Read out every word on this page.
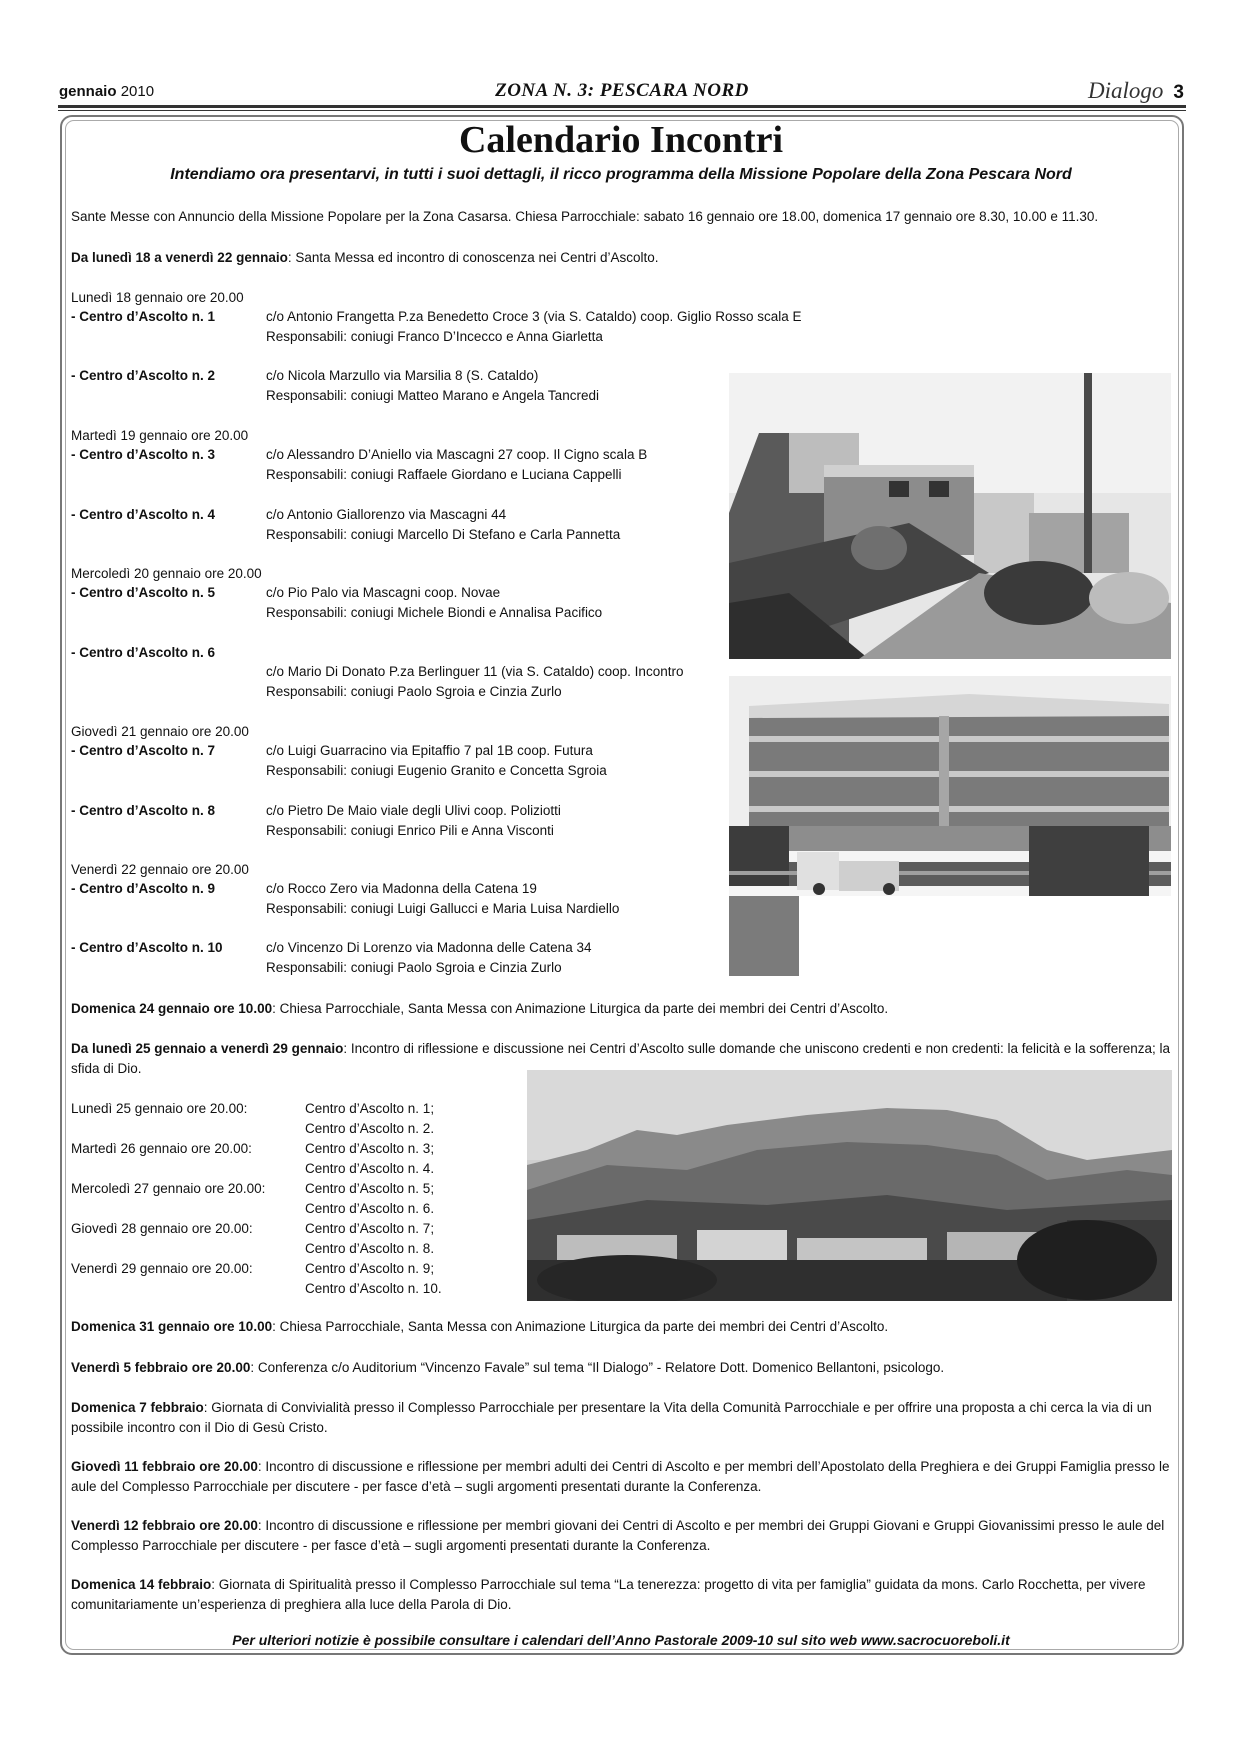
gennaio 2010	ZONA N. 3: PESCARA NORD	Dialogo 3
Calendario Incontri
Intendiamo ora presentarvi, in tutti i suoi dettagli, il ricco programma della Missione Popolare della Zona Pescara Nord
Sante Messe con Annuncio della Missione Popolare per la Zona Casarsa. Chiesa Parrocchiale: sabato 16 gennaio ore 18.00, domenica 17 gennaio ore 8.30, 10.00 e 11.30.
Da lunedì 18 a venerdì 22 gennaio: Santa Messa ed incontro di conoscenza nei Centri d’Ascolto.
Lunedì 18 gennaio ore 20.00
- Centro d’Ascolto n. 1	c/o Antonio Frangetta P.za Benedetto Croce 3 (via S. Cataldo) coop. Giglio Rosso scala E
Responsabili: coniugi Franco D’Incecco e Anna Giarletta
- Centro d’Ascolto n. 2	c/o Nicola Marzullo via Marsilia 8 (S. Cataldo)
Responsabili: coniugi Matteo Marano e Angela Tancredi
Martedì 19 gennaio ore 20.00
- Centro d’Ascolto n. 3	c/o Alessandro D’Aniello via Mascagni 27 coop. Il Cigno scala B
Responsabili: coniugi Raffaele Giordano e Luciana Cappelli
- Centro d’Ascolto n. 4	c/o Antonio Giallorenzo via Mascagni 44
Responsabili: coniugi Marcello Di Stefano e Carla Pannetta
Mercoledì 20 gennaio ore 20.00
- Centro d’Ascolto n. 5	c/o Pio Palo via Mascagni coop. Novae
Responsabili: coniugi Michele Biondi e Annalisa Pacifico
- Centro d’Ascolto n. 6
c/o Mario Di Donato P.za Berlinguer 11 (via S. Cataldo) coop. Incontro
Responsabili: coniugi Paolo Sgroia e Cinzia Zurlo
Giovedì 21 gennaio ore 20.00
- Centro d’Ascolto n. 7	c/o Luigi Guarracino via Epitaffio 7 pal 1B coop. Futura
Responsabili: coniugi Eugenio Granito e Concetta Sgroia
- Centro d’Ascolto n. 8	c/o Pietro De Maio viale degli Ulivi coop. Poliziotti
Responsabili: coniugi Enrico Pili e Anna Visconti
Venerdì 22 gennaio ore 20.00
- Centro d’Ascolto n. 9	c/o Rocco Zero via Madonna della Catena 19
Responsabili: coniugi Luigi Gallucci e Maria Luisa Nardiello
- Centro d’Ascolto n. 10	c/o Vincenzo Di Lorenzo via Madonna delle Catena 34
Responsabili: coniugi Paolo Sgroia e Cinzia Zurlo
Domenica 24 gennaio ore 10.00: Chiesa Parrocchiale, Santa Messa con Animazione Liturgica da parte dei membri dei Centri d’Ascolto.
Da lunedì 25 gennaio a venerdì 29 gennaio: Incontro di riflessione e discussione nei Centri d’Ascolto sulle domande che uniscono credenti e non credenti: la felicità e la sofferenza; la sfida di Dio.
Lunedì 25 gennaio ore 20.00:	Centro d’Ascolto n. 1;
Centro d’Ascolto n. 2.
Martedì 26 gennaio ore 20.00:	Centro d’Ascolto n. 3;
Centro d’Ascolto n. 4.
Mercoledì 27 gennaio ore 20.00:	Centro d’Ascolto n. 5;
Centro d’Ascolto n. 6.
Giovedì 28 gennaio ore 20.00:	Centro d’Ascolto n. 7;
Centro d’Ascolto n. 8.
Venerdì 29 gennaio ore 20.00:	Centro d’Ascolto n. 9;
Centro d’Ascolto n. 10.
Domenica 31 gennaio ore 10.00: Chiesa Parrocchiale, Santa Messa con Animazione Liturgica da parte dei membri dei Centri d’Ascolto.
Venerdì 5 febbraio ore 20.00: Conferenza c/o Auditorium “Vincenzo Favale” sul tema “Il Dialogo” - Relatore Dott. Domenico Bellantoni, psicologo.
Domenica 7 febbraio: Giornata di Convivialità presso il Complesso Parrocchiale per presentare la Vita della Comunità Parrocchiale e per offrire una proposta a chi cerca la via di un possibile incontro con il Dio di Gesù Cristo.
Giovedì 11 febbraio ore 20.00: Incontro di discussione e riflessione per membri adulti dei Centri di Ascolto e per membri dell’Apostolato della Preghiera e dei Gruppi Famiglia presso le aule del Complesso Parrocchiale per discutere - per fasce d’età – sugli argomenti presentati durante la Conferenza.
Venerdì 12 febbraio ore 20.00: Incontro di discussione e riflessione per membri giovani dei Centri di Ascolto e per membri dei Gruppi Giovani e Gruppi Giovanissimi presso le aule del Complesso Parrocchiale per discutere - per fasce d’età – sugli argomenti presentati durante la Conferenza.
Domenica 14 febbraio: Giornata di Spiritualità presso il Complesso Parrocchiale sul tema “La tenerezza: progetto di vita per famiglia” guidata da mons. Carlo Rocchetta, per vivere comunitariamente un’esperienza di preghiera alla luce della Parola di Dio.
Per ulteriori notizie è possibile consultare i calendari dell’Anno Pastorale 2009-10 sul sito web www.sacrocuoreboli.it
